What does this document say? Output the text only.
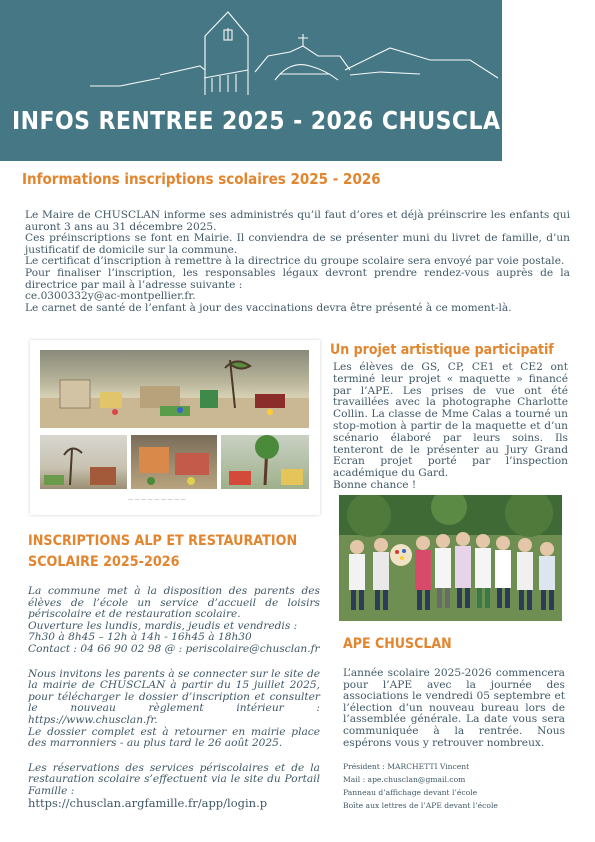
INFOS RENTREE 2025 - 2026 CHUSCLAN
Informations inscriptions scolaires 2025 - 2026

Le Maire de CHUSCLAN informe ses administrés qu’il faut d’ores et déjà préinscrire les enfants qui auront 3 ans au 31 décembre 2025.

Ces préinscriptions se font en Mairie. Il conviendra de se présenter muni du livret de famille, d’un justificatif de domicile sur la commune.

Le certificat d’inscription à remettre à la directrice du groupe scolaire sera envoyé par voie postale.

Pour finaliser l’inscription, les responsables légaux devront prendre rendez-vous auprès de la directrice par mail à l’adresse suivante :

ce.0300332y@ac-montpellier.fr.

Le carnet de santé de l’enfant à jour des vaccinations devra être présenté à ce moment-là.

— — — — — — — — —
Un projet artistique participatif

Les élèves de GS, CP, CE1 et CE2 ont terminé leur projet « maquette » financé par l’APE. Les prises de vue ont été travaillées avec la photographe Charlotte Collin. La classe de Mme Calas a tourné un stop-motion à partir de la maquette et d’un scénario élaboré par leurs soins. Ils tenteront de le présenter au Jury Grand Ecran projet porté par l’inspection académique du Gard.

Bonne chance !

INSCRIPTIONS ALP ET RESTAURATION
SCOLAIRE 2025-2026

La commune met à la disposition des parents des élèves de l’école un service d’accueil de loisirs périscolaire et de restauration scolaire.

Ouverture les lundis, mardis, jeudis et vendredis :

7h30 à 8h45 – 12h à 14h - 16h45 à 18h30

Contact : 04 66 90 02 98 @ : periscolaire@chusclan.fr

Nous invitons les parents à se connecter sur le site de la mairie de CHUSCLAN à partir du 15 juillet 2025, pour télécharger le dossier d’inscription et consulter le nouveau règlement intérieur : https://www.chusclan.fr.

Le dossier complet est à retourner en mairie place des marronniers - au plus tard le 26 août 2025.

Les réservations des services périscolaires et de la restauration scolaire s’effectuent via le site du Portail Famille :

https://chusclan.argfamille.fr/app/login.p

APE CHUSCLAN

L’année scolaire 2025-2026 commencera pour l’APE avec la journée des associations le vendredi 05 septembre et l’élection d’un nouveau bureau lors de l’assemblée générale. La date vous sera communiquée à la rentrée. Nous espérons vous y retrouver nombreux.

Président : MARCHETTI Vincent
Mail : ape.chusclan@gmail.com
Panneau d’affichage devant l’école
Boîte aux lettres de l’APE devant l’école
